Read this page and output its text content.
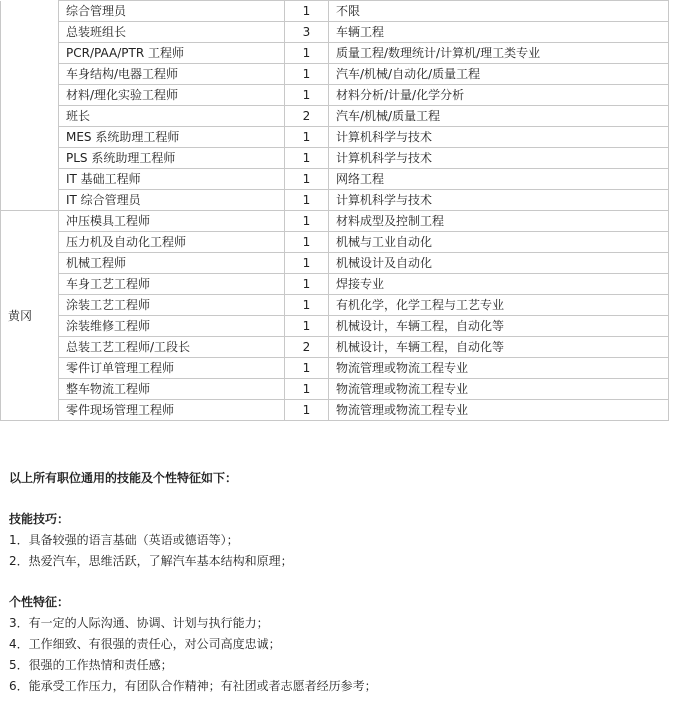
	综合管理员	1	不限
	总装班组长	3	车辆工程
	PCR/PAA/PTR 工程师	1	质量工程/数理统计/计算机/理工类专业
	车身结构/电器工程师	1	汽车/机械/自动化/质量工程
	材料/理化实验工程师	1	材料分析/计量/化学分析
	班长	2	汽车/机械/质量工程
	MES 系统助理工程师	1	计算机科学与技术
	PLS 系统助理工程师	1	计算机科学与技术
	IT 基础工程师	1	网络工程
	IT 综合管理员	1	计算机科学与技术
黄冈	冲压模具工程师	1	材料成型及控制工程
	压力机及自动化工程师	1	机械与工业自动化
	机械工程师	1	机械设计及自动化
	车身工艺工程师	1	焊接专业
	涂装工艺工程师	1	有机化学，化学工程与工艺专业
	涂装维修工程师	1	机械设计，车辆工程，自动化等
	总装工艺工程师/工段长	2	机械设计，车辆工程，自动化等
	零件订单管理工程师	1	物流管理或物流工程专业
	整车物流工程师	1	物流管理或物流工程专业
	零件现场管理工程师	1	物流管理或物流工程专业

以上所有职位通用的技能及个性特征如下：

技能技巧：

1．具备较强的语言基础（英语或德语等）；

2．热爱汽车，思维活跃，了解汽车基本结构和原理；

个性特征：

3．有一定的人际沟通、协调、计划与执行能力；

4．工作细致、有很强的责任心，对公司高度忠诚；

5．很强的工作热情和责任感；

6．能承受工作压力，有团队合作精神；有社团或者志愿者经历参考；
